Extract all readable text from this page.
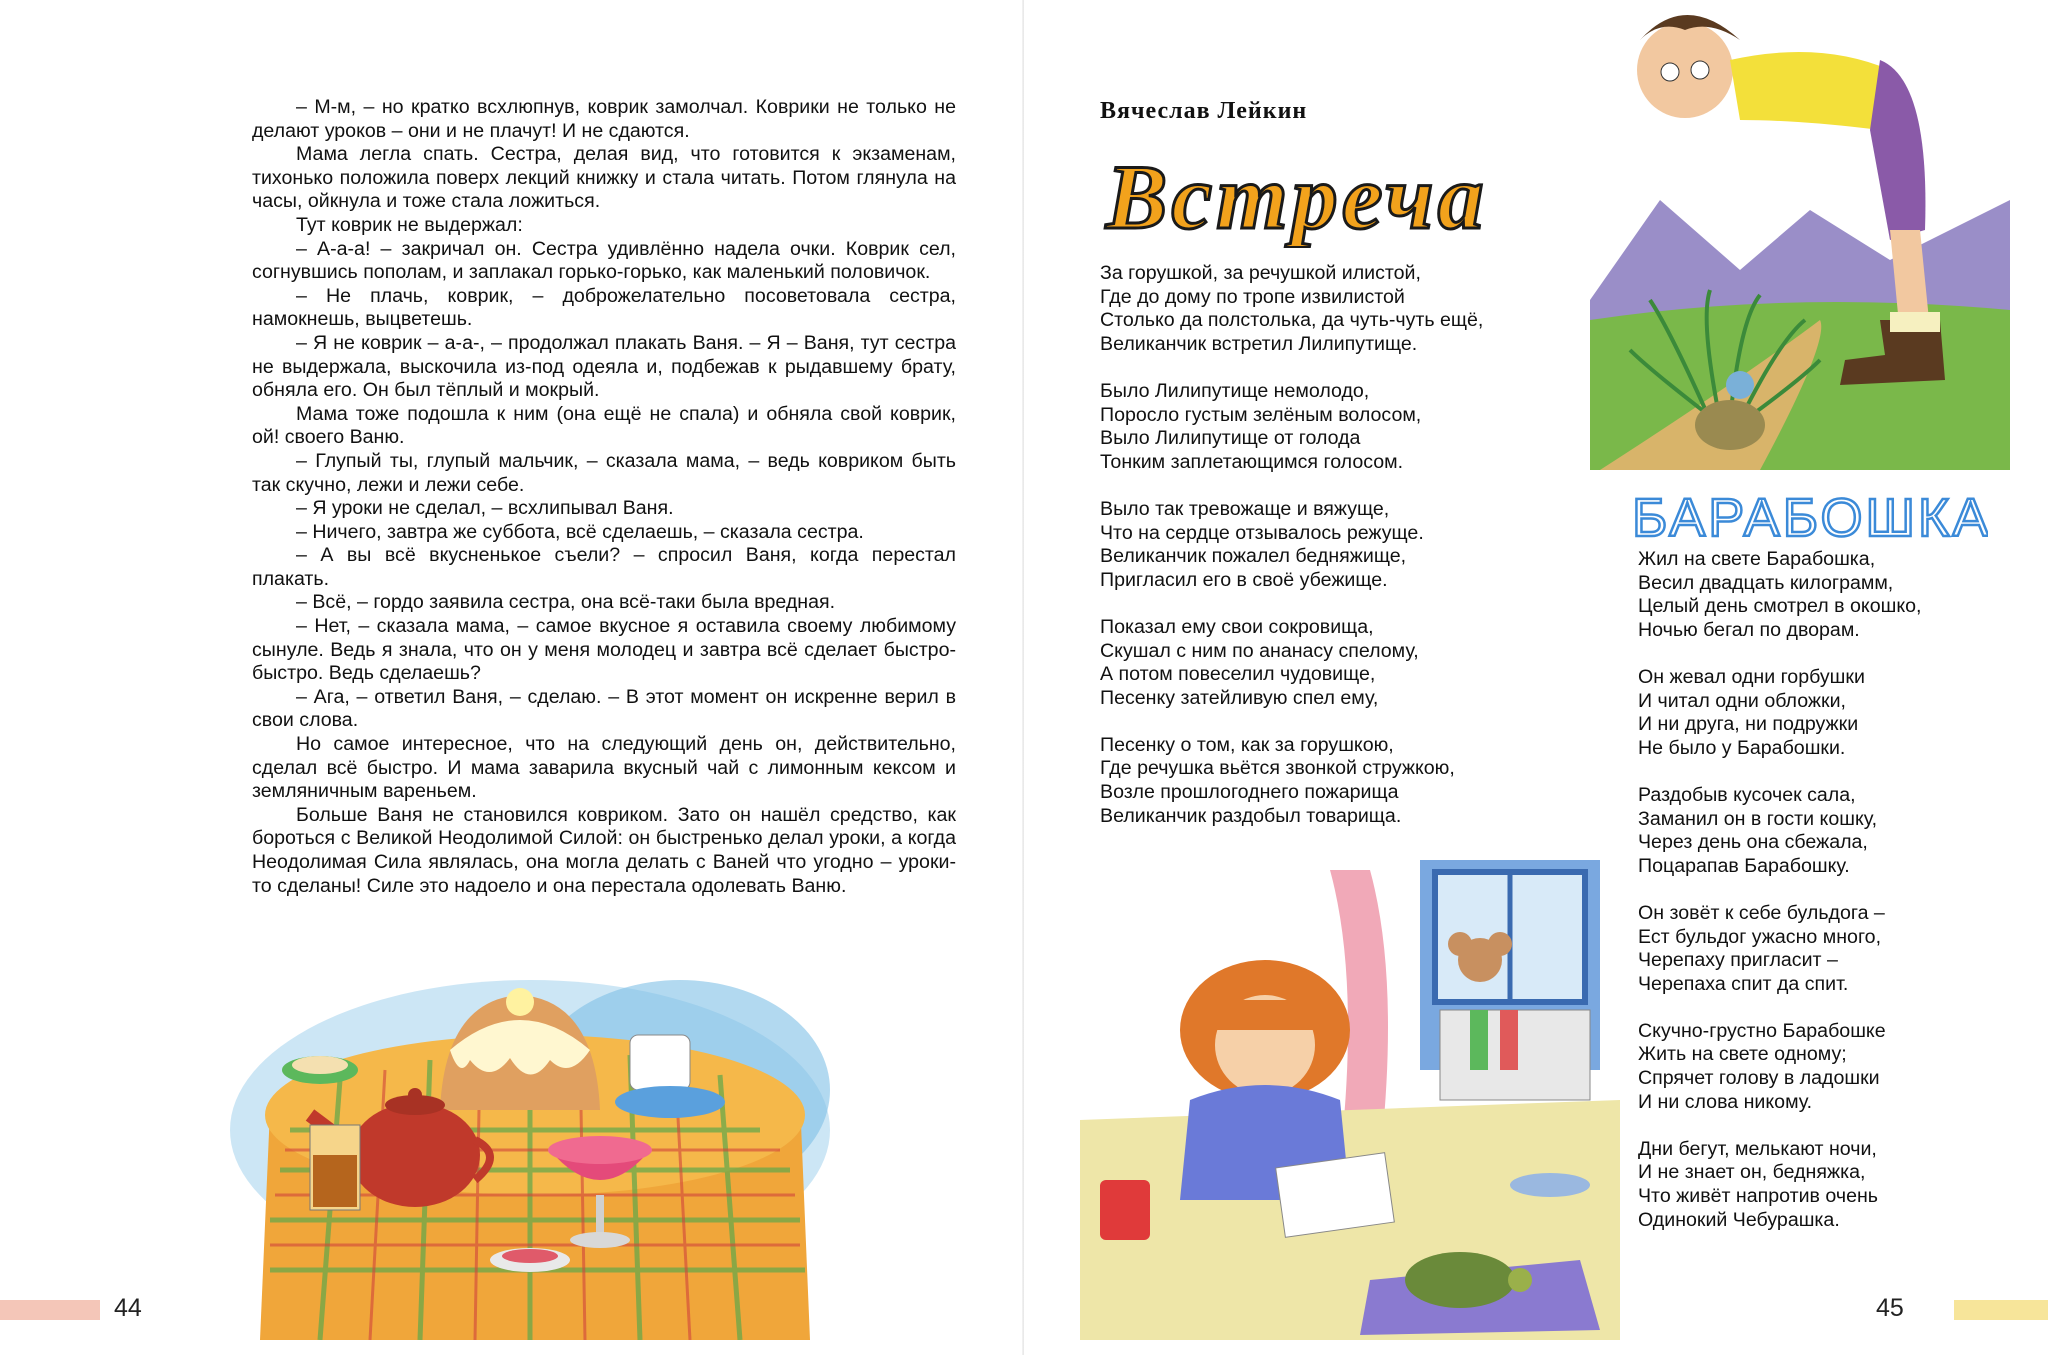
– М-м, – но кратко всхлюпнув, коврик замолчал. Коврики не только не делают уроков – они и не плачут! И не сдаются.

Мама легла спать. Сестра, делая вид, что готовится к экзаменам, тихонько положила поверх лекций книжку и стала читать. Потом глянула на часы, ойкнула и тоже стала ложиться.

Тут коврик не выдержал:

– А-а-а! – закричал он. Сестра удивлённо надела очки. Коврик сел, согнувшись пополам, и заплакал горько-горько, как маленький половичок.

– Не плачь, коврик, – доброжелательно посоветовала сестра, намокнешь, выцветешь.

– Я не коврик – а-а-, – продолжал плакать Ваня. – Я – Ваня, тут сестра не выдержала, выскочила из-под одеяла и, подбежав к рыдавшему брату, обняла его. Он был тёплый и мокрый.

Мама тоже подошла к ним (она ещё не спала) и обняла свой коврик, ой! своего Ваню.

– Глупый ты, глупый мальчик, – сказала мама, – ведь ковриком быть так скучно, лежи и лежи себе.

– Я уроки не сделал, – всхлипывал Ваня.

– Ничего, завтра же суббота, всё сделаешь, – сказала сестра.

– А вы всё вкусненькое съели? – спросил Ваня, когда перестал плакать.

– Всё, – гордо заявила сестра, она всё-таки была вредная.

– Нет, – сказала мама, – самое вкусное я оставила своему любимому сынуле. Ведь я знала, что он у меня молодец и завтра всё сделает быстро-быстро. Ведь сделаешь?

– Ага, – ответил Ваня, – сделаю. – В этот момент он искренне верил в свои слова.

Но самое интересное, что на следующий день он, действительно, сделал всё быстро. И мама заварила вкусный чай с лимонным кексом и земляничным вареньем.

Больше Ваня не становился ковриком. Зато он нашёл средство, как бороться с Великой Неодолимой Силой: он быстренько делал уроки, а когда Неодолимая Сила являлась, она могла делать с Ваней что угодно – уроки-то сделаны! Силе это надоело и она перестала одолевать Ваню.

44	45
Вячеслав Лейкин
Встреча
За горушкой, за речушкой илистой,
Где до дому по тропе извилистой
Столько да полстолька, да чуть-чуть ещё,
Великанчик встретил Лилипутище.
Было Лилипутище немолодо,
Поросло густым зелёным волосом,
Выло Лилипутище от голода
Тонким заплетающимся голосом.
Выло так тревожаще и вяжуще,
Что на сердце отзывалось режуще.
Великанчик пожалел бедняжище,
Пригласил его в своё убежище.
Показал ему свои сокровища,
Скушал с ним по ананасу спелому,
А потом повеселил чудовище,
Песенку затейливую спел ему,
Песенку о том, как за горушкою,
Где речушка вьётся звонкой стружкою,
Возле прошлогоднего пожарища
Великанчик раздобыл товарища.
БАРАБОШКА
Жил на свете Барабошка,
Весил двадцать килограмм,
Целый день смотрел в окошко,
Ночью бегал по дворам.
Он жевал одни горбушки
И читал одни обложки,
И ни друга, ни подружки
Не было у Барабошки.
Раздобыв кусочек сала,
Заманил он в гости кошку,
Через день она сбежала,
Поцарапав Барабошку.
Он зовёт к себе бульдога –
Ест бульдог ужасно много,
Черепаху пригласит –
Черепаха спит да спит.
Скучно-грустно Барабошке
Жить на свете одному;
Спрячет голову в ладошки
И ни слова никому.
Дни бегут, мелькают ночи,
И не знает он, бедняжка,
Что живёт напротив очень
Одинокий Чебурашка.
